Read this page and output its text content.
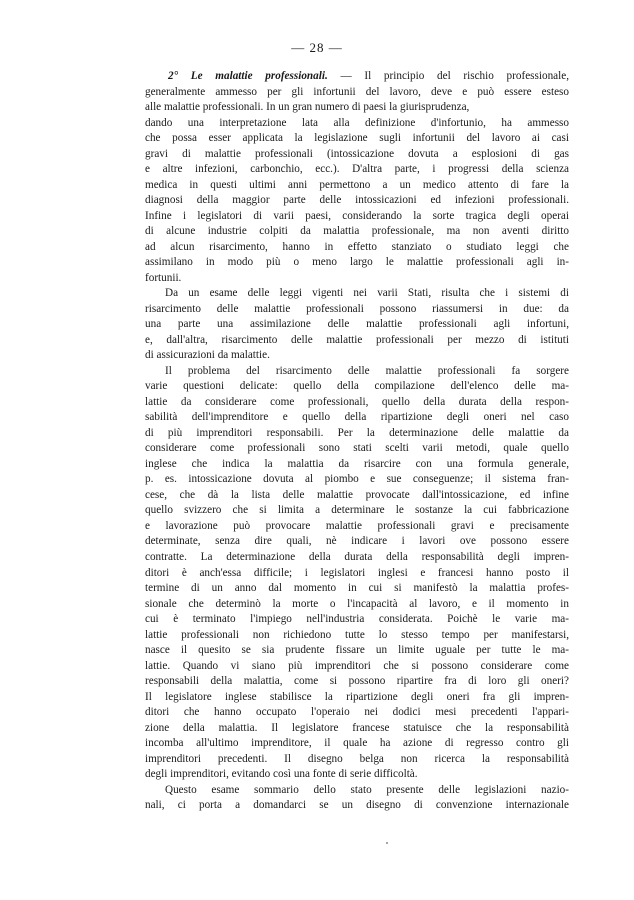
— 28 —
2° Le malattie professionali. — Il principio del rischio professionale,
generalmente ammesso per gli infortunii del lavoro, deve e può essere esteso
alle malattie professionali. In un gran numero di paesi la giurisprudenza,
dando una interpretazione lata alla definizione d'infortunio, ha ammesso
che possa esser applicata la legislazione sugli infortunii del lavoro ai casi
gravi di malattie professionali (intossicazione dovuta a esplosioni di gas
e altre infezioni, carbonchio, ecc.). D'altra parte, i progressi della scienza
medica in questi ultimi anni permettono a un medico attento di fare la
diagnosi della maggior parte delle intossicazioni ed infezioni professionali.
Infine i legislatori di varii paesi, considerando la sorte tragica degli operai
di alcune industrie colpiti da malattia professionale, ma non aventi diritto
ad alcun risarcimento, hanno in effetto stanziato o studiato leggi che
assimilano in modo più o meno largo le malattie professionali agli in-
fortunii.
Da un esame delle leggi vigenti nei varii Stati, risulta che i sistemi di
risarcimento delle malattie professionali possono riassumersi in due: da
una parte una assimilazione delle malattie professionali agli infortuni,
e, dall'altra, risarcimento delle malattie professionali per mezzo di istituti
di assicurazioni da malattie.
Il problema del risarcimento delle malattie professionali fa sorgere
varie questioni delicate: quello della compilazione dell'elenco delle ma-
lattie da considerare come professionali, quello della durata della respon-
sabilità dell'imprenditore e quello della ripartizione degli oneri nel caso
di più imprenditori responsabili. Per la determinazione delle malattie da
considerare come professionali sono stati scelti varii metodi, quale quello
inglese che indica la malattia da risarcire con una formula generale,
p. es. intossicazione dovuta al piombo e sue conseguenze; il sistema fran-
cese, che dà la lista delle malattie provocate dall'intossicazione, ed infine
quello svizzero che si limita a determinare le sostanze la cui fabbricazione
e lavorazione può provocare malattie professionali gravi e precisamente
determinate, senza dire quali, nè indicare i lavori ove possono essere
contratte. La determinazione della durata della responsabilità degli impren-
ditori è anch'essa difficile; i legislatori inglesi e francesi hanno posto il
termine di un anno dal momento in cui si manifestò la malattia profes-
sionale che determinò la morte o l'incapacità al lavoro, e il momento in
cui è terminato l'impiego nell'industria considerata. Poichè le varie ma-
lattie professionali non richiedono tutte lo stesso tempo per manifestarsi,
nasce il quesito se sia prudente fissare un limite uguale per tutte le ma-
lattie. Quando vi siano più imprenditori che si possono considerare come
responsabili della malattia, come si possono ripartire fra di loro gli oneri?
Il legislatore inglese stabilisce la ripartizione degli oneri fra gli impren-
ditori che hanno occupato l'operaio nei dodici mesi precedenti l'appari-
zione della malattia. Il legislatore francese statuisce che la responsabilità
incomba all'ultimo imprenditore, il quale ha azione di regresso contro gli
imprenditori precedenti. Il disegno belga non ricerca la responsabilità
degli imprenditori, evitando così una fonte di serie difficoltà.
Questo esame sommario dello stato presente delle legislazioni nazio-
nali, ci porta a domandarci se un disegno di convenzione internazionale
